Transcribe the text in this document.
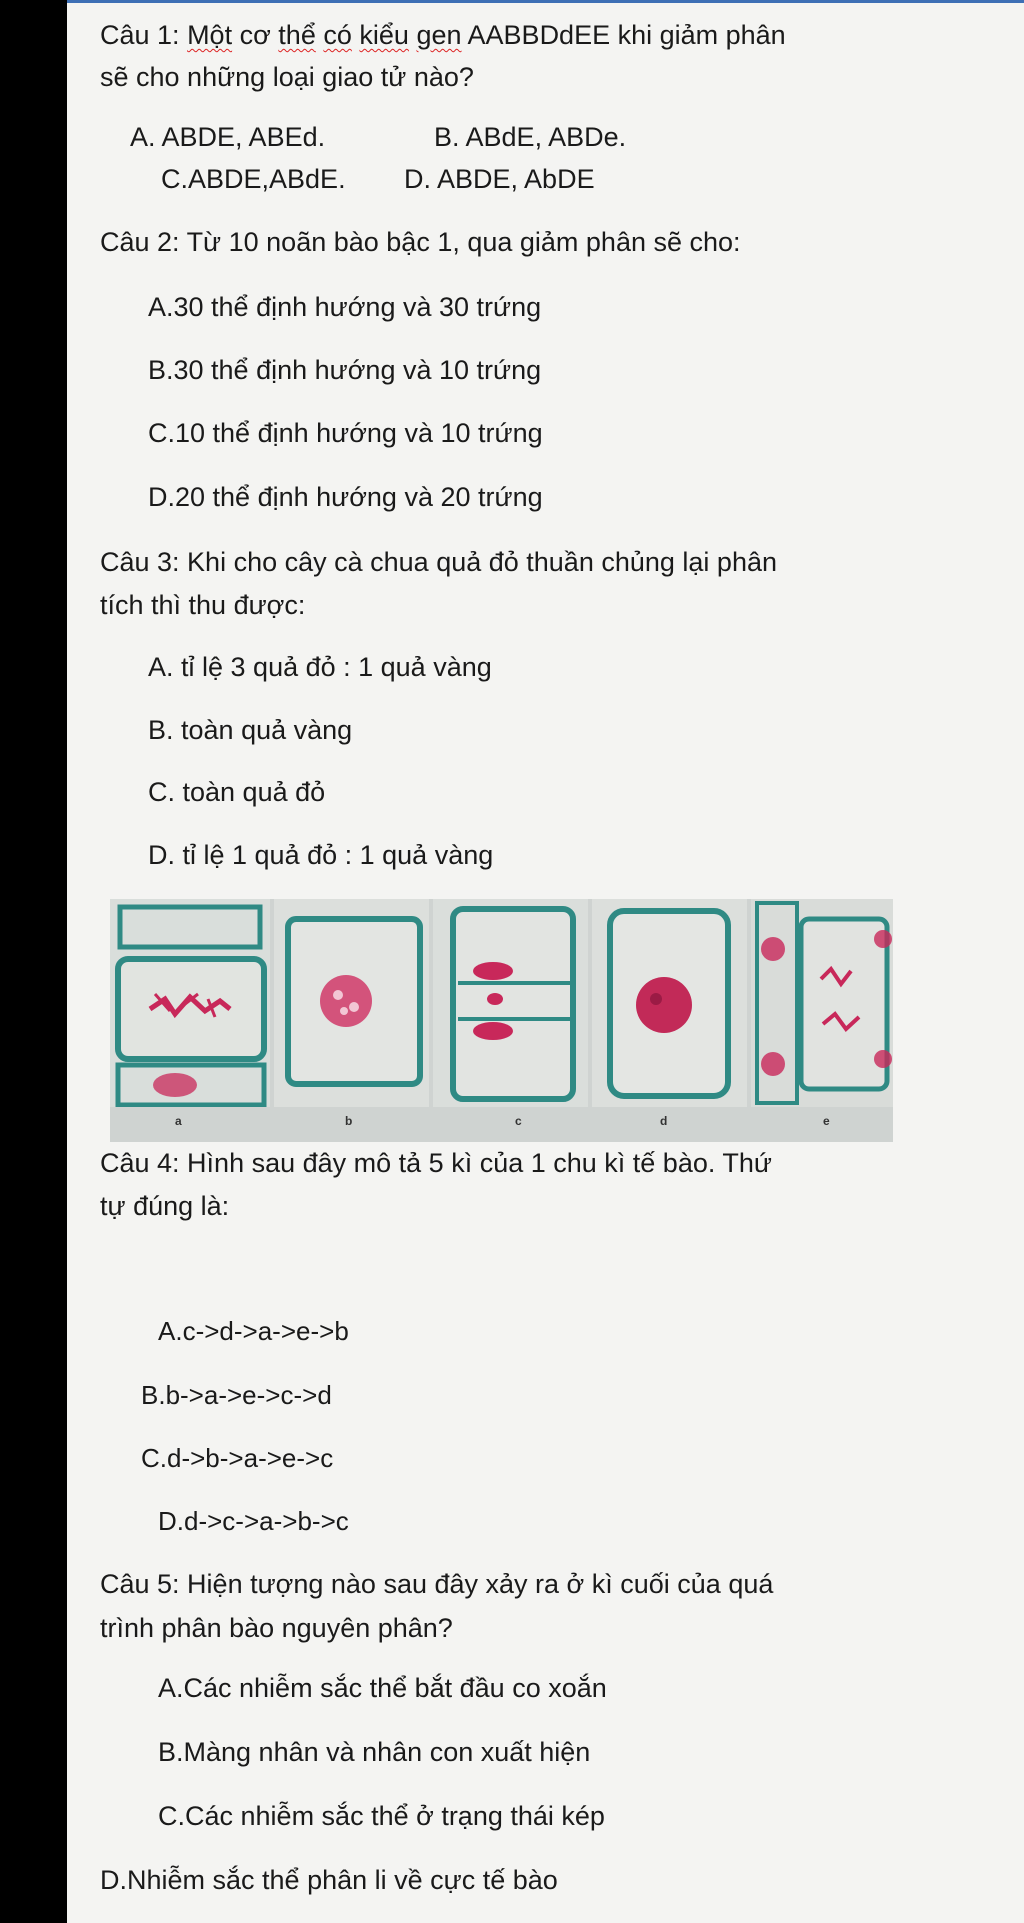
Câu 1: Một cơ thể có kiểu gen AABBDdEE khi giảm phân
sẽ cho những loại giao tử nào?
A. ABDE, ABEd.	B. ABdE, ABDe.
C.ABDE,ABdE. D. ABDE, AbDE
Câu 2: Từ 10 noãn bào bậc 1, qua giảm phân sẽ cho:
A.30 thể định hướng và 30 trứng
B.30 thể định hướng và 10 trứng
C.10 thể định hướng và 10 trứng
D.20 thể định hướng và 20 trứng
Câu 3: Khi cho cây cà chua quả đỏ thuần chủng lại phân
tích thì thu được:
A. tỉ lệ 3 quả đỏ : 1 quả vàng
B. toàn quả vàng
C. toàn quả đỏ
D. tỉ lệ 1 quả đỏ : 1 quả vàng
a	b	c	d	e
Câu 4: Hình sau đây mô tả 5 kì của 1 chu kì tế bào. Thứ
tự đúng là:
A.c->d->a->e->b
B.b->a->e->c->d
C.d->b->a->e->c
D.d->c->a->b->c
Câu 5: Hiện tượng nào sau đây xảy ra ở kì cuối của quá
trình phân bào nguyên phân?
A.Các nhiễm sắc thể bắt đầu co xoắn
B.Màng nhân và nhân con xuất hiện
C.Các nhiễm sắc thể ở trạng thái kép
D.Nhiễm sắc thể phân li về cực tế bào
